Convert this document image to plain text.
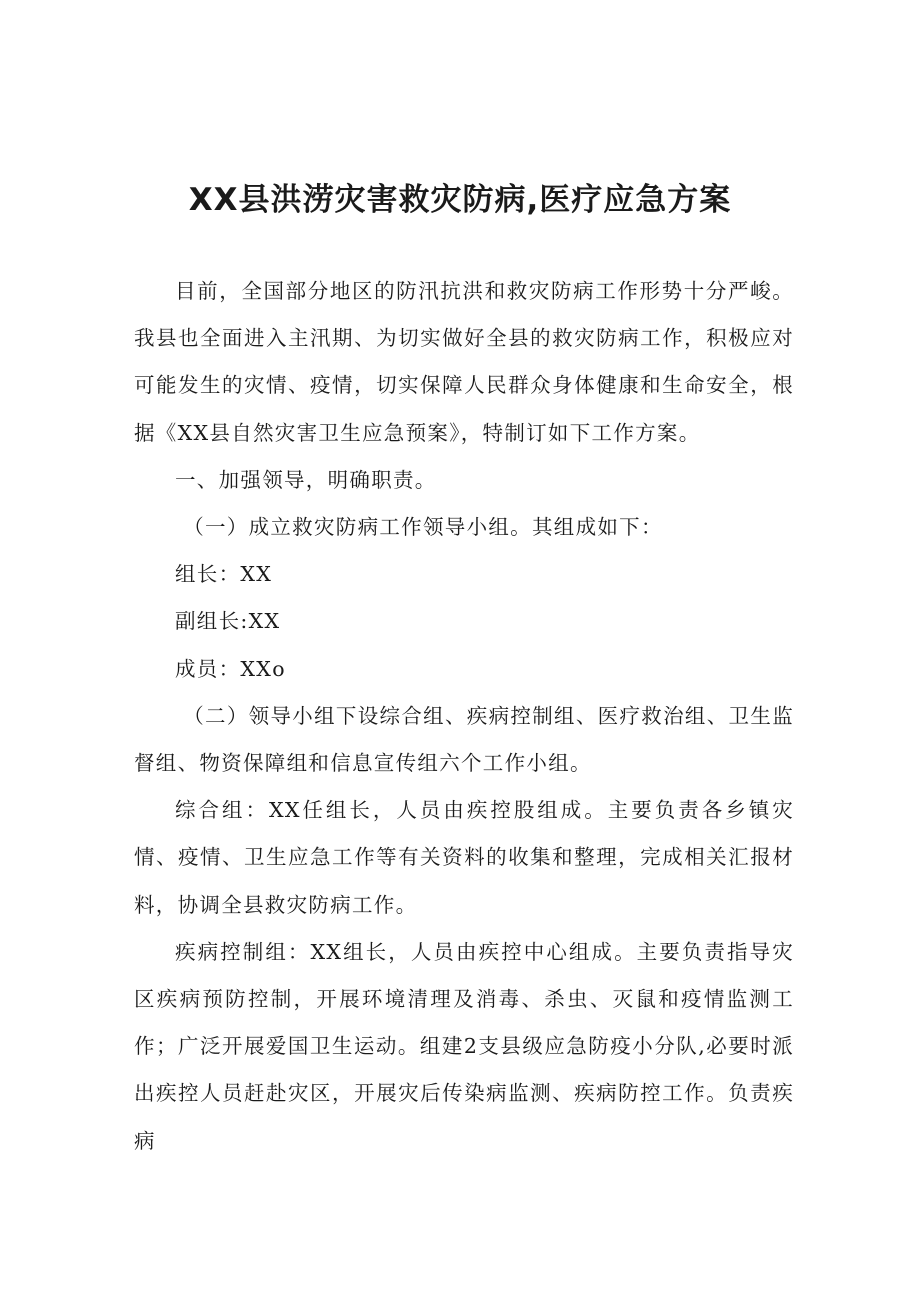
XX县洪涝灾害救灾防病,医疗应急方案

目前，全国部分地区的防汛抗洪和救灾防病工作形势十分严峻。我县也全面进入主汛期、为切实做好全县的救灾防病工作，积极应对可能发生的灾情、疫情，切实保障人民群众身体健康和生命安全，根据《XX县自然灾害卫生应急预案》，特制订如下工作方案。

一、加强领导，明确职责。

（一）成立救灾防病工作领导小组。其组成如下：

组长：XX

副组长:XX

成员：XXo

（二）领导小组下设综合组、疾病控制组、医疗救治组、卫生监督组、物资保障组和信息宣传组六个工作小组。

综合组：XX任组长，人员由疾控股组成。主要负责各乡镇灾情、疫情、卫生应急工作等有关资料的收集和整理，完成相关汇报材料，协调全县救灾防病工作。

疾病控制组：XX组长，人员由疾控中心组成。主要负责指导灾区疾病预防控制，开展环境清理及消毒、杀虫、灭鼠和疫情监测工作；广泛开展爱国卫生运动。组建2支县级应急防疫小分队,必要时派出疾控人员赶赴灾区，开展灾后传染病监测、疾病防控工作。负责疾病
